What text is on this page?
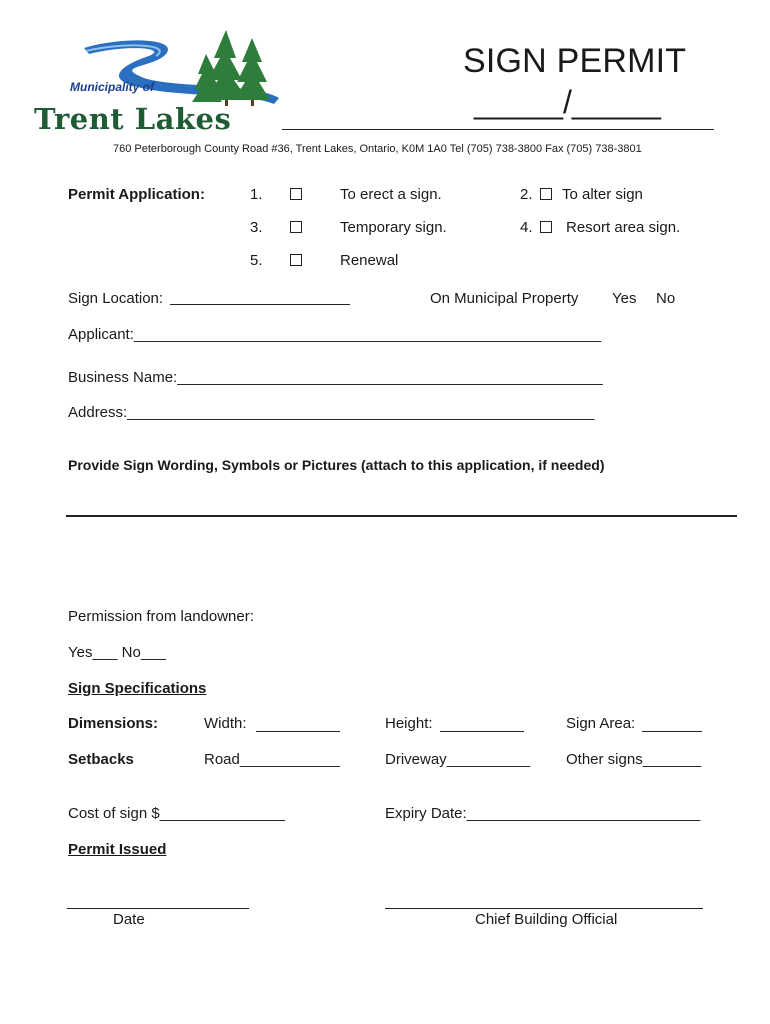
Municipality of
Trent Lakes
SIGN PERMIT
_____/_____
760 Peterborough County Road #36, Trent Lakes, Ontario, K0M 1A0 Tel (705) 738-3800 Fax (705) 738-3801
Permit Application:	1.	To erect a sign.	2. To alter sign
3.	Temporary sign.	4. Resort area sign.
5.	Renewal
Sign Location:	On Municipal Property Yes No
Applicant:________________________________________________________
Business Name:___________________________________________________
Address:________________________________________________________
Provide Sign Wording, Symbols or Pictures (attach to this application, if needed)
Permission from landowner:
Yes___ No___
Sign Specifications
Dimensions:	Width:	Height:	Sign Area:
Setbacks	Road____________	Driveway__________ Other signs_______
Cost of sign $_______________	Expiry Date:____________________________
Permit Issued
Date	Chief Building Official
